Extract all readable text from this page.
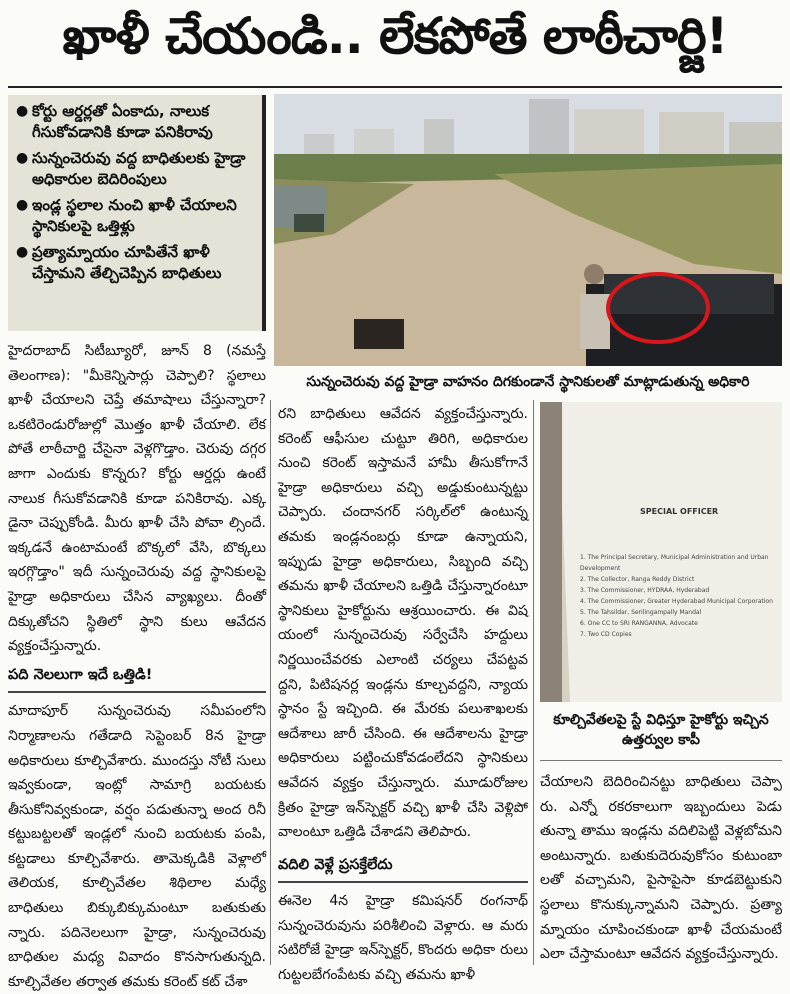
ఖాళీ చేయండి.. లేకపోతే లాఠీచార్జి!
● కోర్టు ఆర్డర్లతో ఏంకాదు, నాలుక గీసుకోవడానికి కూడా పనికిరావు
● సున్నంచెరువు వద్ద బాధితులకు హైడ్రా అధికారుల బెదిరింపులు
● ఇండ్ల స్థలాల నుంచి ఖాళీ చేయాలని స్థానికులపై ఒత్తిళ్లు
● ప్రత్యామ్నాయం చూపితేనే ఖాళీ చేస్తామని తేల్చిచెప్పిన బాధితులు
సున్నంచెరువు వద్ద హైడ్రా వాహనం దిగకుండానే స్థానికులతో మాట్లాడుతున్న అధికారి

హైదరాబాద్ సిటీబ్యూరో, జూన్ 8 (నమస్తే తెలంగాణ): "మీకెన్నిసార్లు చెప్పాలి? స్థలాలు ఖాళీ చేయాలని చెప్తే తమాషాలు చేస్తున్నారా? ఒకటిరెండురోజుల్లో మొత్తం ఖాళీ చేయాలి. లేక పోతే లాఠీచార్జి చేసైనా వెళ్లగొడ్తాం. చెరువు దగ్గర జాగా ఎందుకు కొన్నరు? కోర్టు ఆర్డర్లు ఉంటే నాలుక గీసుకోవడానికి కూడా పనికిరావు. ఎక్క డైనా చెప్పుకోండి. మీరు ఖాళీ చేసి పోవా ల్సిందే. ఇక్కడనే ఉంటామంటే బొక్కలో వేసి, బొక్కలు ఇరగ్గొడ్తాం" ఇదీ సున్నంచెరువు వద్ద స్థానికులపై హైడ్రా అధికారులు చేసిన వ్యాఖ్యలు. దీంతో దిక్కుతోచని స్థితిలో స్థాని కులు ఆవేదన వ్యక్తంచేస్తున్నారు.

పది నెలలుగా ఇదే ఒత్తిడి!

మాదాపూర్ సున్నంచెరువు సమీపంలోని నిర్మాణాలను గతేడాది సెప్టెంబర్ 8న హైడ్రా అధికారులు కూల్చివేశారు. ముందస్తు నోటీ సులు ఇవ్వకుండా, ఇంట్లో సామాగ్రి బయటకు తీసుకోనివ్వకుండా, వర్షం పడుతున్నా అంద రినీ కట్టుబట్టలతో ఇండ్లలో నుంచి బయటకు పంపి, కట్టడాలు కూల్చివేశారు. తామెక్కడికి వెళ్లాలో తెలియక, కూల్చివేతల శిథిలాల మధ్యే బాధితులు బిక్కుబిక్కుమంటూ బతుకుతు న్నారు. పదినెలలుగా హైడ్రా, సున్నంచెరువు బాధితుల మధ్య వివాదం కొనసాగుతున్నది. కూల్చివేతల తర్వాత తమకు కరెంట్ కట్ చేశా

రని బాధితులు ఆవేదన వ్యక్తంచేస్తున్నారు. కరెంట్ ఆఫీసుల చుట్టూ తిరిగి, అధికారుల నుంచి కరెంట్ ఇస్తామనే హామీ తీసుకోగానే హైడ్రా అధికారులు వచ్చి అడ్డుకుంటున్నట్టు చెప్పారు. చందానగర్ సర్కిల్‌లో ఉంటున్న తమకు ఇండ్లనంబర్లు కూడా ఉన్నాయని, ఇప్పుడు హైడ్రా అధికారులు, సిబ్బంది వచ్చి తమను ఖాళీ చేయాలని ఒత్తిడి చేస్తున్నారంటూ స్థానికులు హైకోర్టును ఆశ్రయించారు. ఈ విష యంలో సున్నంచెరువు సర్వేచేసి హద్దులు నిర్ణయించేవరకు ఎలాంటి చర్యలు చేపట్టవ ద్దని, పిటిషనర్ల ఇండ్లను కూల్చవద్దని, న్యాయ స్థానం స్టే ఇచ్చింది. ఈ మేరకు పలుశాఖలకు ఆదేశాలు జారీ చేసింది. ఈ ఆదేశాలను హైడ్రా అధికారులు పట్టించుకోవడంలేదని స్థానికులు ఆవేదన వ్యక్తం చేస్తున్నారు. మూడురోజుల క్రితం హైడ్రా ఇన్‌స్పెక్టర్ వచ్చి ఖాళీ చేసి వెళ్లిపో వాలంటూ ఒత్తిడి చేశాడని తెలిపారు.

వదిలి వెళ్లే ప్రసక్తేలేదు

ఈనెల 4న హైడ్రా కమిషనర్ రంగనాథ్ సున్నంచెరువును పరిశీలించి వెళ్లారు. ఆ మరు సటిరోజే హైడ్రా ఇన్‌స్పెక్టర్, కొందరు అధికా రులు గుట్టలబేగంపేటకు వచ్చి తమను ఖాళీ

SPECIAL OFFICER
1. The Principal Secretary, Municipal Administration and Urban Development
2. The Collector, Ranga Reddy District
3. The Commissioner, HYDRAA, Hyderabad
4. The Commissioner, Greater Hyderabad Municipal Corporation
5. The Tahsildar, Serilingampally Mandal
6. One CC to SRI RANGANNA, Advocate
7. Two CD Copies
కూల్చివేతలపై స్టే విధిస్తూ హైకోర్టు ఇచ్చిన ఉత్తర్వుల కాపీ

చేయాలని బెదిరించినట్టు బాధితులు చెప్పా రు. ఎన్నో రకరకాలుగా ఇబ్బందులు పెడు తున్నా తాము ఇండ్లను వదిలిపెట్టి వెళ్లబోమని అంటున్నారు. బతుకుదెరువుకోసం కుటుంబా లతో వచ్చామని, పైసాపైసా కూడబెట్టుకుని స్థలాలు కొనుక్కున్నామని చెప్పారు. ప్రత్యా మ్నాయం చూపించకుండా ఖాళీ చేయమంటే ఎలా చేస్తామంటూ ఆవేదన వ్యక్తంచేస్తున్నారు.
